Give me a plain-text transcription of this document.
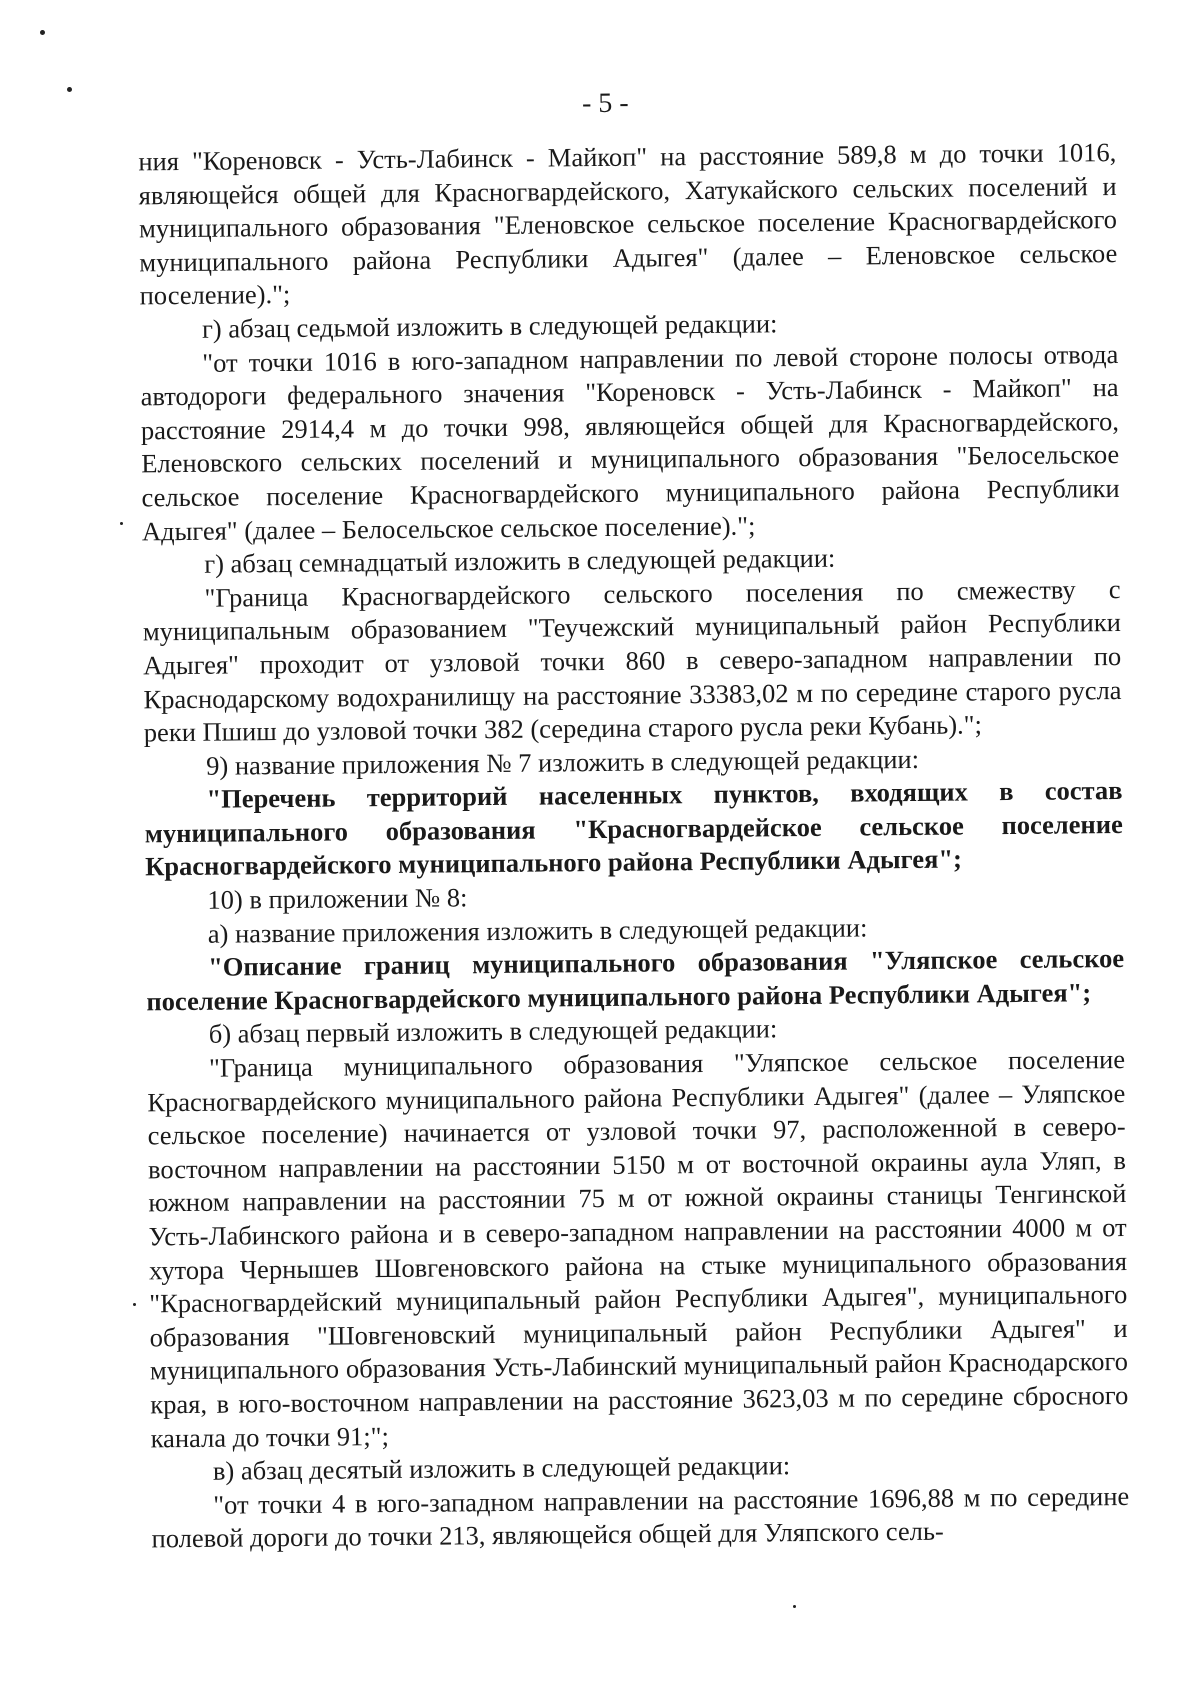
- 5 -

ния "Кореновск - Усть-Лабинск - Майкоп" на расстояние 589,8 м до точки 1016, являющейся общей для Красногвардейского, Хатукайского сельских поселений и муниципального образования "Еленовское сельское поселение Красногвардейского муниципального района Республики Адыгея" (далее – Еленовское сельское поселение).";

г) абзац седьмой изложить в следующей редакции:

"от точки 1016 в юго-западном направлении по левой стороне полосы отвода автодороги федерального значения "Кореновск - Усть-Лабинск - Майкоп" на расстояние 2914,4 м до точки 998, являющейся общей для Красногвардейского, Еленовского сельских поселений и муниципального образования "Белосельское сельское поселение Красногвардейского муниципального района Республики Адыгея" (далее – Белосельское сельское поселение).";

г) абзац семнадцатый изложить в следующей редакции:

"Граница Красногвардейского сельского поселения по смежеству с муниципальным образованием "Теучежский муниципальный район Республики Адыгея" проходит от узловой точки 860 в северо-западном направлении по Краснодарскому водохранилищу на расстояние 33383,02 м по середине старого русла реки Пшиш до узловой точки 382 (середина старого русла реки Кубань).";

9) название приложения № 7 изложить в следующей редакции:

"Перечень территорий населенных пунктов, входящих в состав муниципального образования "Красногвардейское сельское поселение Красногвардейского муниципального района Республики Адыгея";

10) в приложении № 8:

а) название приложения изложить в следующей редакции:

"Описание границ муниципального образования "Уляпское сельское поселение Красногвардейского муниципального района Республики Адыгея";

б) абзац первый изложить в следующей редакции:

"Граница муниципального образования "Уляпское сельское поселение Красногвардейского муниципального района Республики Адыгея" (далее – Уляпское сельское поселение) начинается от узловой точки 97, расположенной в северо-восточном направлении на расстоянии 5150 м от восточной окраины аула Уляп, в южном направлении на расстоянии 75 м от южной окраины станицы Тенгинской Усть-Лабинского района и в северо-западном направлении на расстоянии 4000 м от хутора Чернышев Шовгеновского района на стыке муниципального образования "Красногвардейский муниципальный район Республики Адыгея", муниципального образования "Шовгеновский муниципальный район Республики Адыгея" и муниципального образования Усть-Лабинский муниципальный район Краснодарского края, в юго-восточном направлении на расстояние 3623,03 м по середине сбросного канала до точки 91;";

в) абзац десятый изложить в следующей редакции:

"от точки 4 в юго-западном направлении на расстояние 1696,88 м по середине полевой дороги до точки 213, являющейся общей для Уляпского сель-
